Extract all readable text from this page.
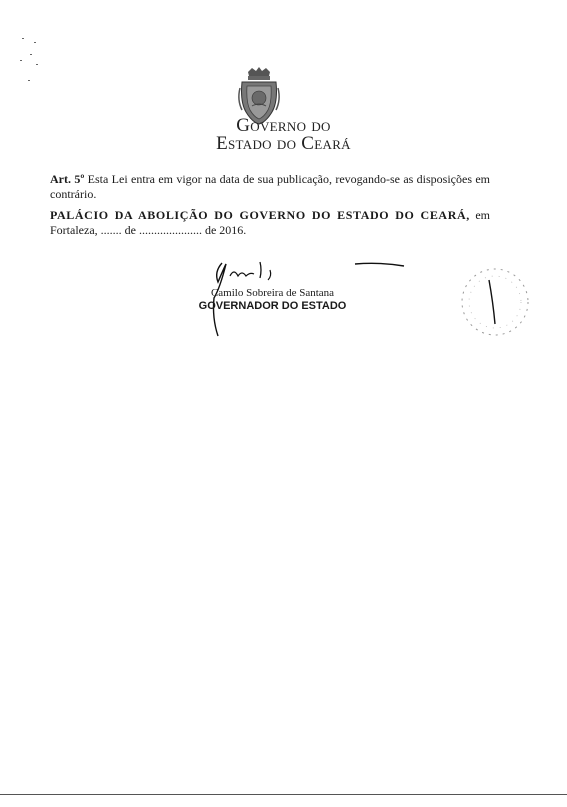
Governo do
Estado do Ceará
Art. 5º Esta Lei entra em vigor na data de sua publicação, revogando-se as disposições em contrário.
PALÁCIO DA ABOLIÇÃO DO GOVERNO DO ESTADO DO CEARÁ, em Fortaleza, ....... de ..................... de 2016.
Camilo Sobreira de Santana
GOVERNADOR DO ESTADO
